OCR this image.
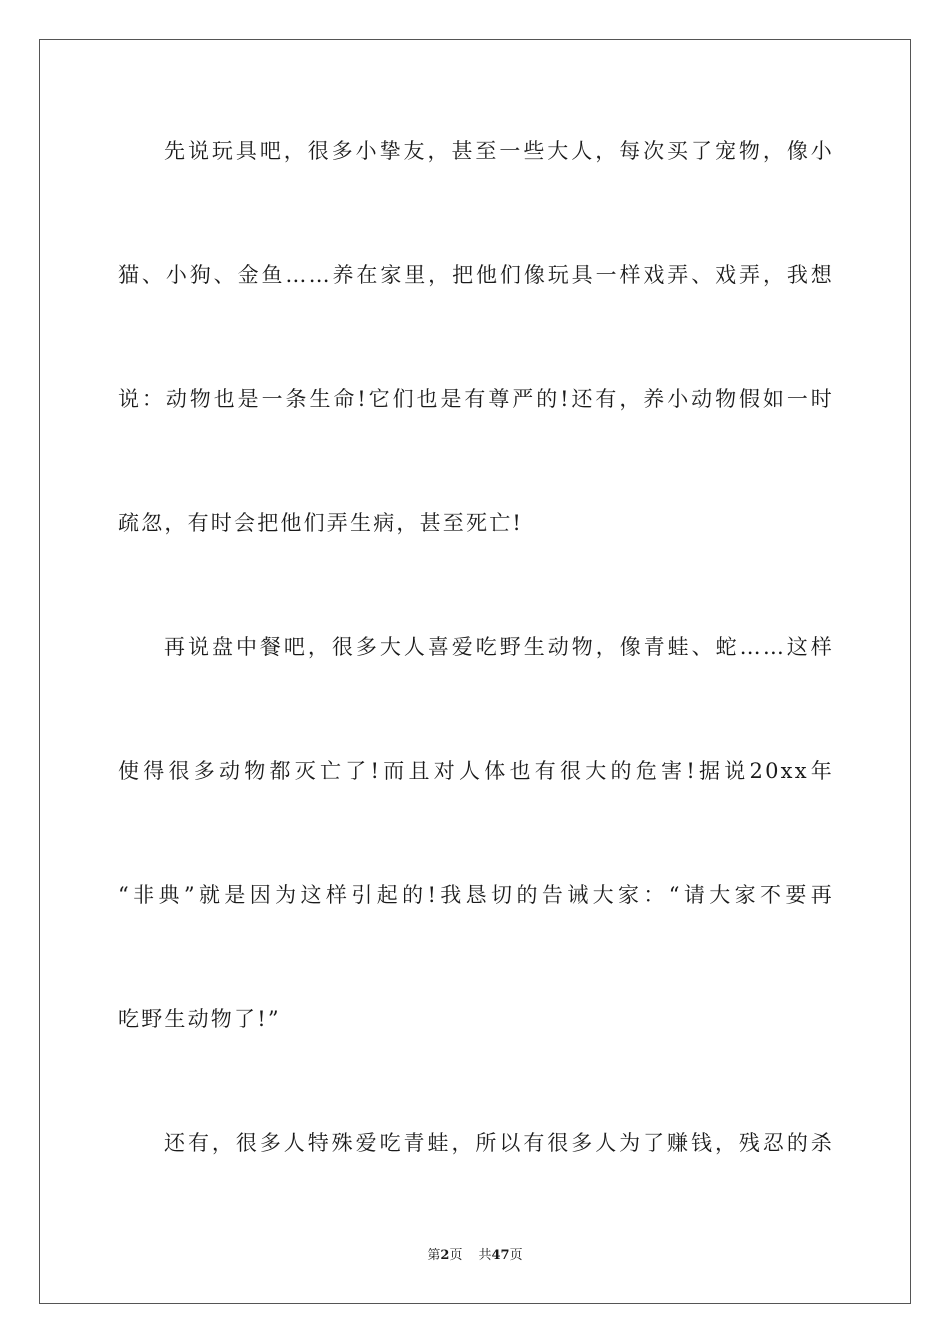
先说玩具吧，很多小挚友，甚至一些大人，每次买了宠物，像小
猫、小狗、金鱼……养在家里，把他们像玩具一样戏弄、戏弄，我想
说：动物也是一条生命!它们也是有尊严的!还有，养小动物假如一时
疏忽，有时会把他们弄生病，甚至死亡!
再说盘中餐吧，很多大人喜爱吃野生动物，像青蛙、蛇……这样
使得很多动物都灭亡了!而且对人体也有很大的危害!据说20xx年
“非典”就是因为这样引起的!我恳切的告诫大家：“请大家不要再
吃野生动物了!”
还有，很多人特殊爱吃青蛙，所以有很多人为了赚钱，残忍的杀
第2页 共47页
